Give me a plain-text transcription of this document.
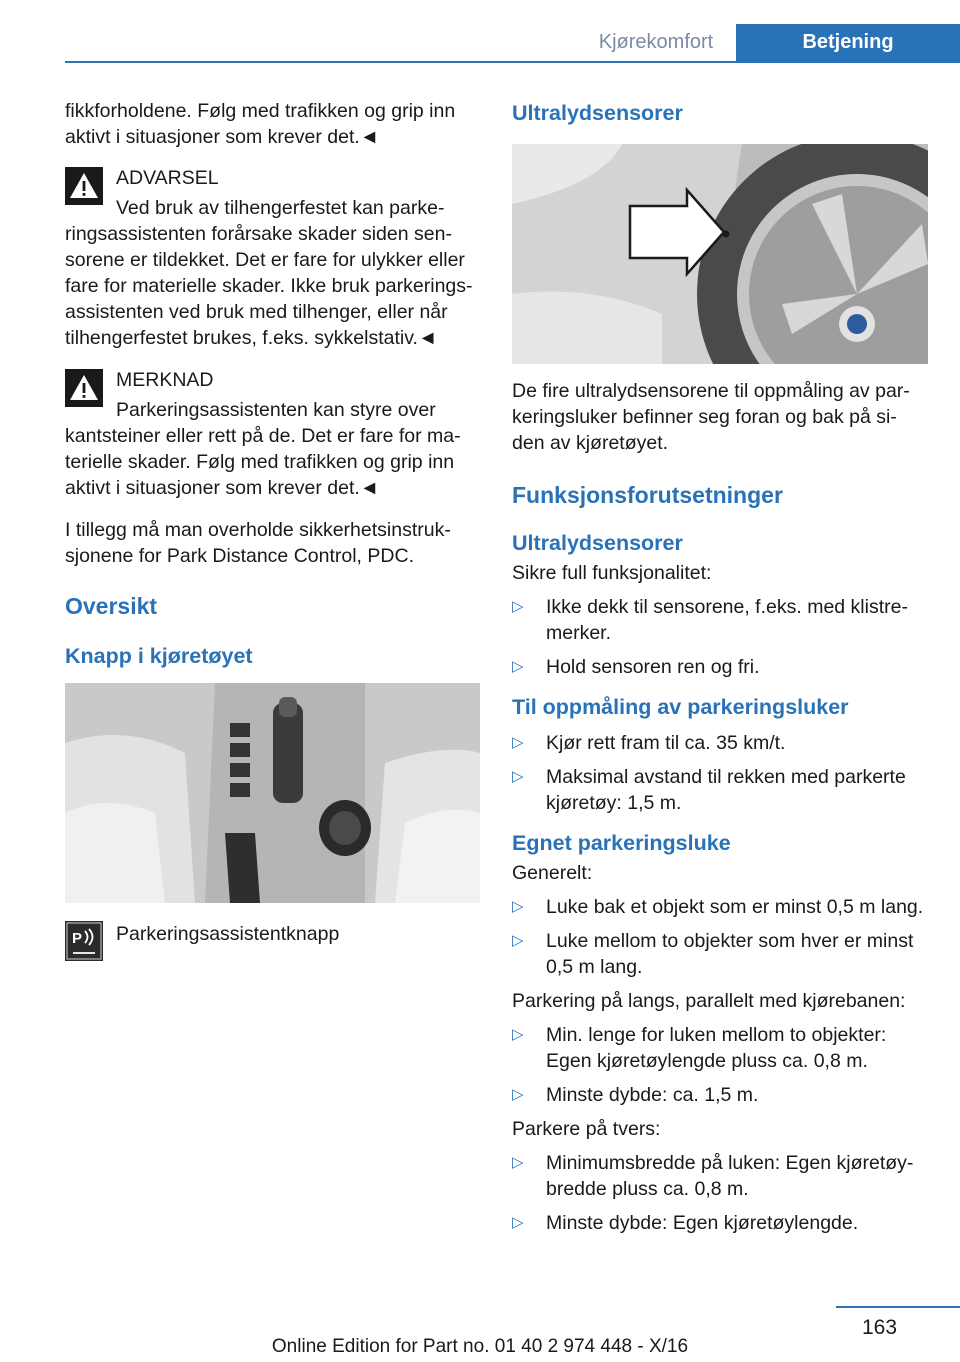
Kjørekomfort	Betjening

fikkforholdene. Følg med trafikken og grip inn aktivt i situasjoner som krever det.◄

ADVARSEL

Ved bruk av tilhengerfestet kan parke‐

ringsassistenten forårsake skader siden sen‐sorene er tildekket. Det er fare for ulykker eller fare for materielle skader. Ikke bruk parkerings‐assistenten ved bruk med tilhenger, eller når tilhengerfestet brukes, f.eks. sykkelstativ.◄

MERKNAD

Parkeringsassistenten kan styre over

kantsteiner eller rett på de. Det er fare for ma‐terielle skader. Følg med trafikken og grip inn aktivt i situasjoner som krever det.◄

I tillegg må man overholde sikkerhetsinstruk‐sjonene for Park Distance Control, PDC.

Oversikt
Knapp i kjøretøyet
P Parkeringsassistentknapp

Ultralydsensorer

De fire ultralydsensorene til oppmåling av par‐keringsluker befinner seg foran og bak på si‐den av kjøretøyet.

Funksjonsforutsetninger
Ultralydsensorer

Sikre full funksjonalitet:

▷	Ikke dekk til sensorene, f.eks. med klistre‐merker.
▷	Hold sensoren ren og fri.
Til oppmåling av parkeringsluker
▷	Kjør rett fram til ca. 35 km/t.
▷	Maksimal avstand til rekken med parkerte kjøretøy: 1,5 m.
Egnet parkeringsluke

Generelt:

▷	Luke bak et objekt som er minst 0,5 m lang.
▷	Luke mellom to objekter som hver er minst 0,5 m lang.

Parkering på langs, parallelt med kjørebanen:

▷	Min. lenge for luken mellom to objekter: Egen kjøretøylengde pluss ca. 0,8 m.
▷	Minste dybde: ca. 1,5 m.

Parkere på tvers:

▷	Minimumsbredde på luken: Egen kjøretøy‐bredde pluss ca. 0,8 m.
▷	Minste dybde: Egen kjøretøylengde.
163
Online Edition for Part no. 01 40 2 974 448 - X/16
